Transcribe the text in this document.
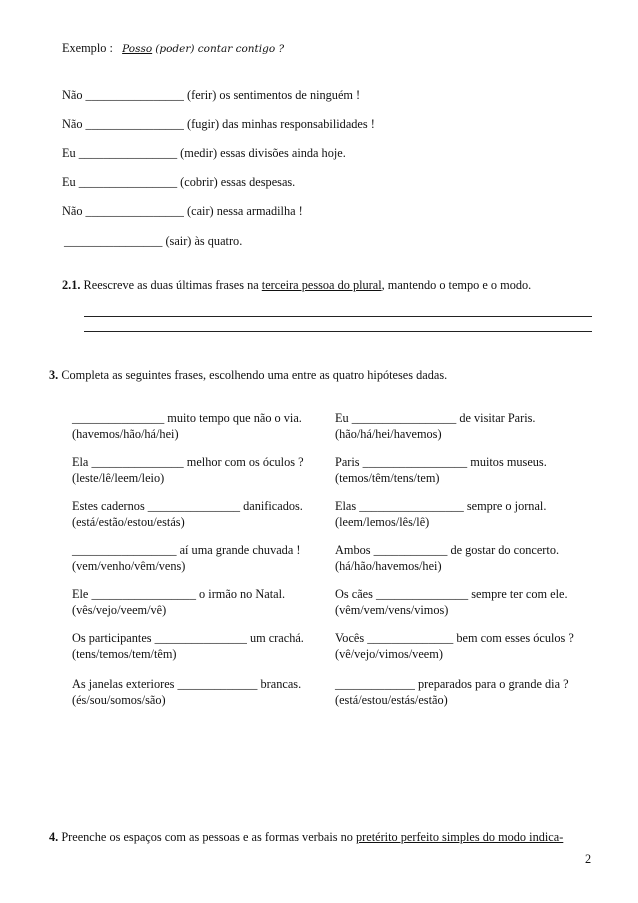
Exemplo : Posso (poder) contar contigo ?
Não ________________ (ferir) os sentimentos de ninguém !
Não ________________ (fugir) das minhas responsabilidades !
Eu ________________ (medir) essas divisões ainda hoje.
Eu ________________ (cobrir) essas despesas.
Não ________________ (cair) nessa armadilha !
________________ (sair) às quatro.
2.1. Reescreve as duas últimas frases na terceira pessoa do plural, mantendo o tempo e o modo.
3. Completa as seguintes frases, escolhendo uma entre as quatro hipóteses dadas.
_______________ muito tempo que não o via.
(havemos/hão/há/hei)
Ela _______________ melhor com os óculos ?
(leste/lê/leem/leio)
Estes cadernos _______________ danificados.
(está/estão/estou/estás)
_________________ aí uma grande chuvada !
(vem/venho/vêm/vens)
Ele _________________ o irmão no Natal.
(vês/vejo/veem/vê)
Os participantes _______________ um crachá.
(tens/temos/tem/têm)
As janelas exteriores _____________ brancas.
(és/sou/somos/são)
Eu _________________ de visitar Paris.
(hão/há/hei/havemos)
Paris _________________ muitos museus.
(temos/têm/tens/tem)
Elas _________________ sempre o jornal.
(leem/lemos/lês/lê)
Ambos ____________ de gostar do concerto.
(há/hão/havemos/hei)
Os cães _______________ sempre ter com ele.
(vêm/vem/vens/vimos)
Vocês ______________ bem com esses óculos ?
(vê/vejo/vimos/veem)
_____________ preparados para o grande dia ?
(está/estou/estás/estão)
4. Preenche os espaços com as pessoas e as formas verbais no pretérito perfeito simples do modo indica-
2
